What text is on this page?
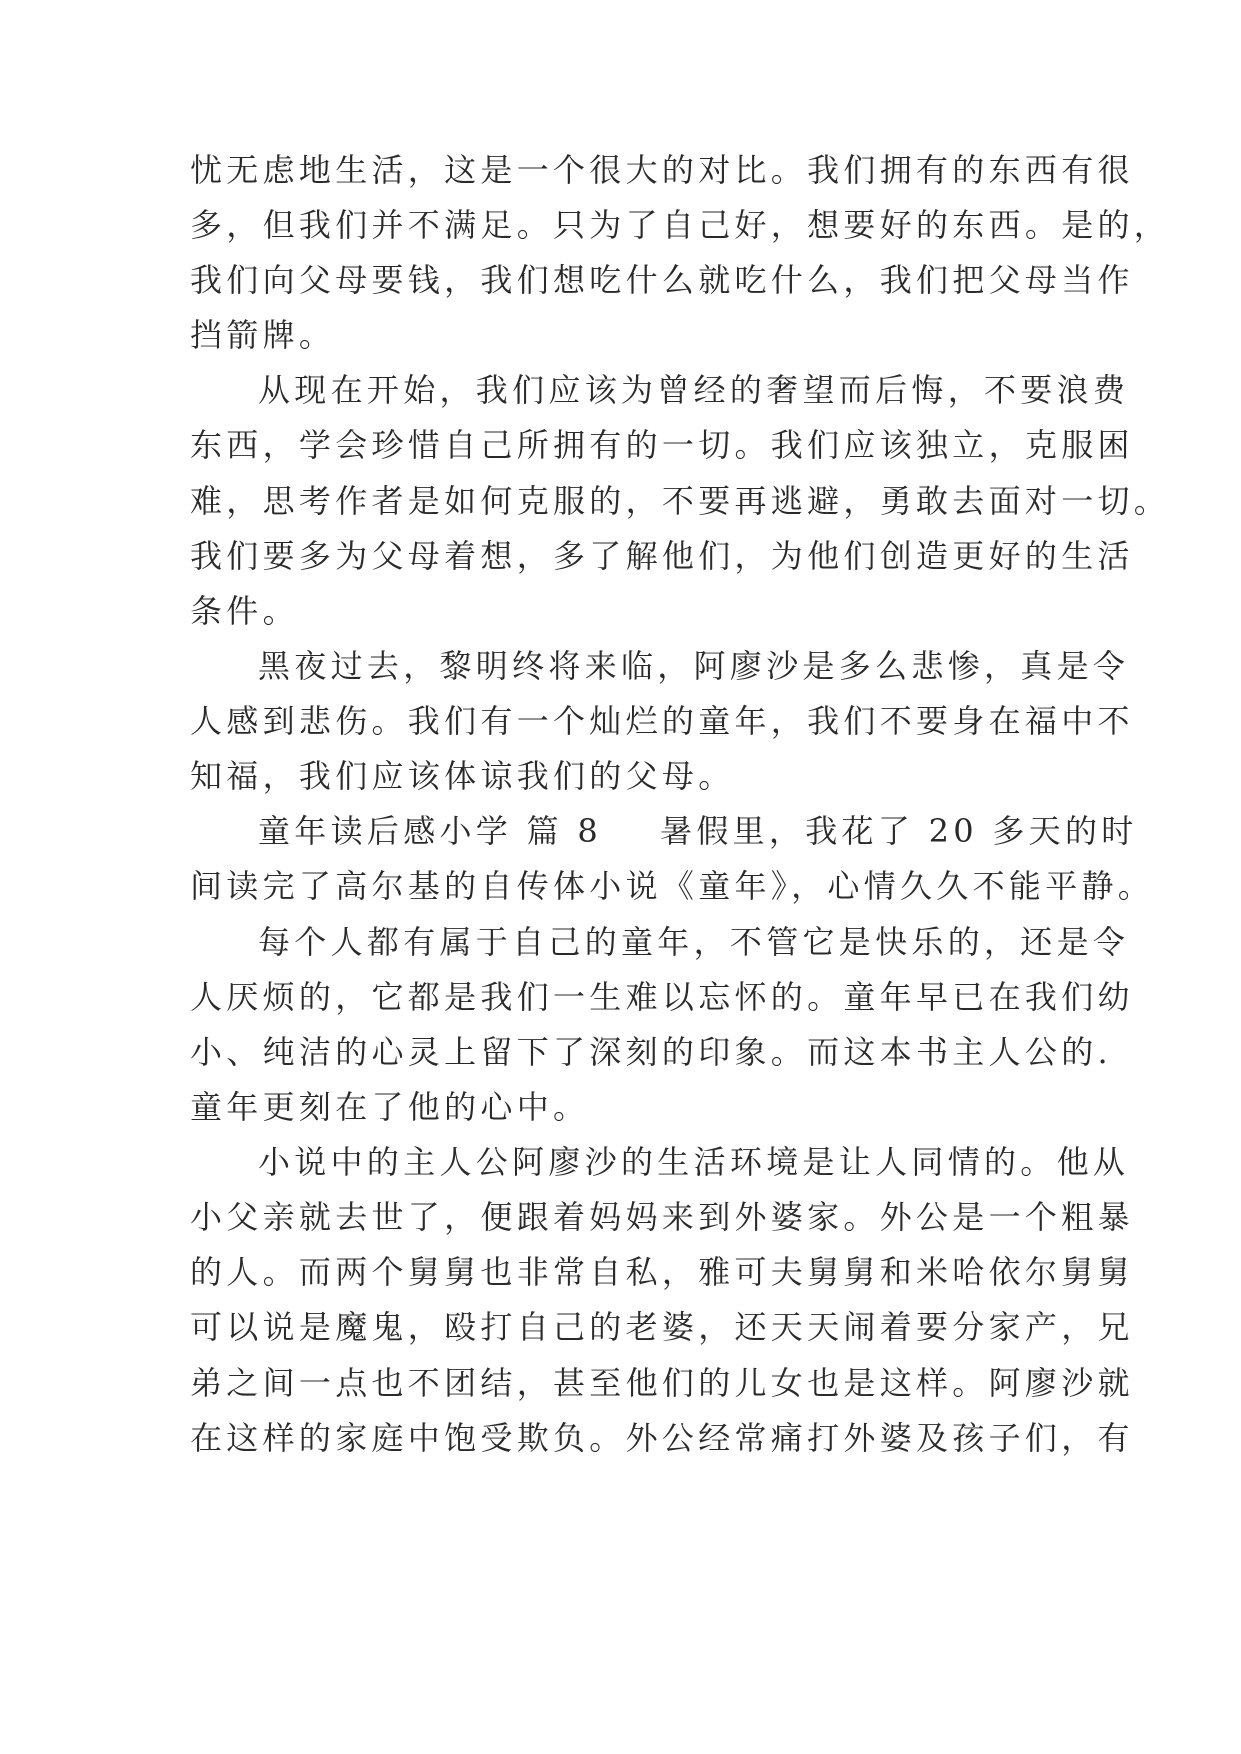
忧无虑地生活，这是一个很大的对比。我们拥有的东西有很
多，但我们并不满足。只为了自己好，想要好的东西。是的，
我们向父母要钱，我们想吃什么就吃什么，我们把父母当作
挡箭牌。
从现在开始，我们应该为曾经的奢望而后悔，不要浪费
东西，学会珍惜自己所拥有的一切。我们应该独立，克服困
难，思考作者是如何克服的，不要再逃避，勇敢去面对一切。
我们要多为父母着想，多了解他们，为他们创造更好的生活
条件。
黑夜过去，黎明终将来临，阿廖沙是多么悲惨，真是令
人感到悲伤。我们有一个灿烂的童年，我们不要身在福中不
知福，我们应该体谅我们的父母。
童年读后感小学 篇 8 暑假里，我花了 20 多天的时
间读完了高尔基的自传体小说《童年》，心情久久不能平静。
每个人都有属于自己的童年，不管它是快乐的，还是令
人厌烦的，它都是我们一生难以忘怀的。童年早已在我们幼
小、纯洁的心灵上留下了深刻的印象。而这本书主人公的.
童年更刻在了他的心中。
小说中的主人公阿廖沙的生活环境是让人同情的。他从
小父亲就去世了，便跟着妈妈来到外婆家。外公是一个粗暴
的人。而两个舅舅也非常自私，雅可夫舅舅和米哈依尔舅舅
可以说是魔鬼，殴打自己的老婆，还天天闹着要分家产，兄
弟之间一点也不团结，甚至他们的儿女也是这样。阿廖沙就
在这样的家庭中饱受欺负。外公经常痛打外婆及孩子们，有
